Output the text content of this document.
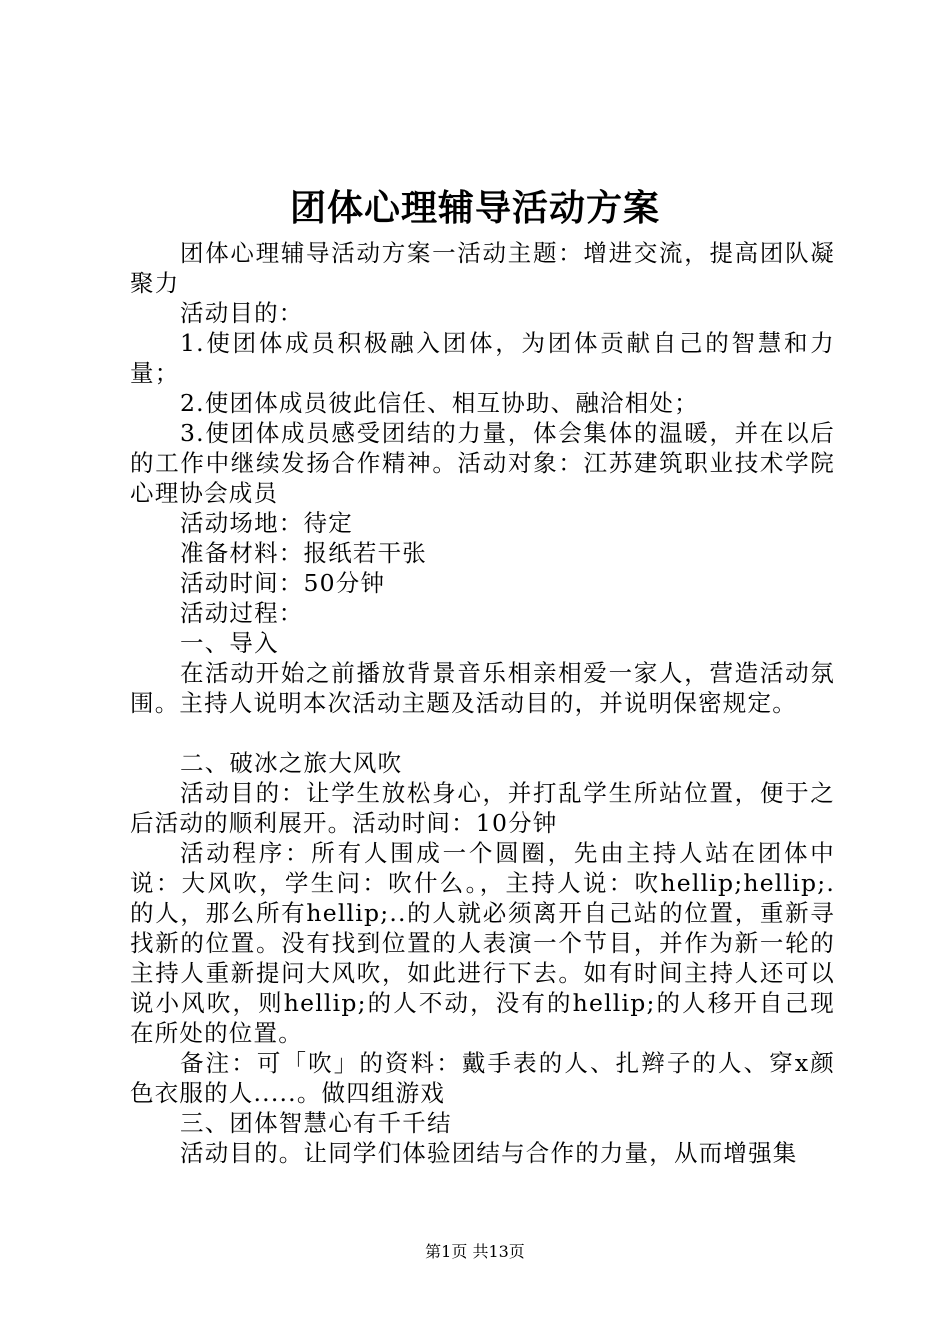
团体心理辅导活动方案

团体心理辅导活动方案一活动主题：增进交流，提高团队凝聚力

活动目的：

1.使团体成员积极融入团体，为团体贡献自己的智慧和力量；

2.使团体成员彼此信任、相互协助、融洽相处；

3.使团体成员感受团结的力量，体会集体的温暖，并在以后的工作中继续发扬合作精神。活动对象：江苏建筑职业技术学院心理协会成员

活动场地：待定

准备材料：报纸若干张

活动时间：50分钟

活动过程：

一、导入

在活动开始之前播放背景音乐相亲相爱一家人，营造活动氛围。主持人说明本次活动主题及活动目的，并说明保密规定。

二、破冰之旅大风吹

活动目的：让学生放松身心，并打乱学生所站位置，便于之后活动的顺利展开。活动时间：10分钟

活动程序：所有人围成一个圆圈，先由主持人站在团体中说：大风吹，学生问：吹什么。，主持人说：吹hellip;hellip;.的人，那么所有hellip;..的人就必须离开自己站的位置，重新寻找新的位置。没有找到位置的人表演一个节目，并作为新一轮的主持人重新提问大风吹，如此进行下去。如有时间主持人还可以说小风吹，则hellip;的人不动，没有的hellip;的人移开自己现在所处的位置。

备注：可「吹」的资料：戴手表的人、扎辫子的人、穿x颜色衣服的人.....。做四组游戏

三、团体智慧心有千千结

活动目的。让同学们体验团结与合作的力量，从而增强集

第1页 共13页
